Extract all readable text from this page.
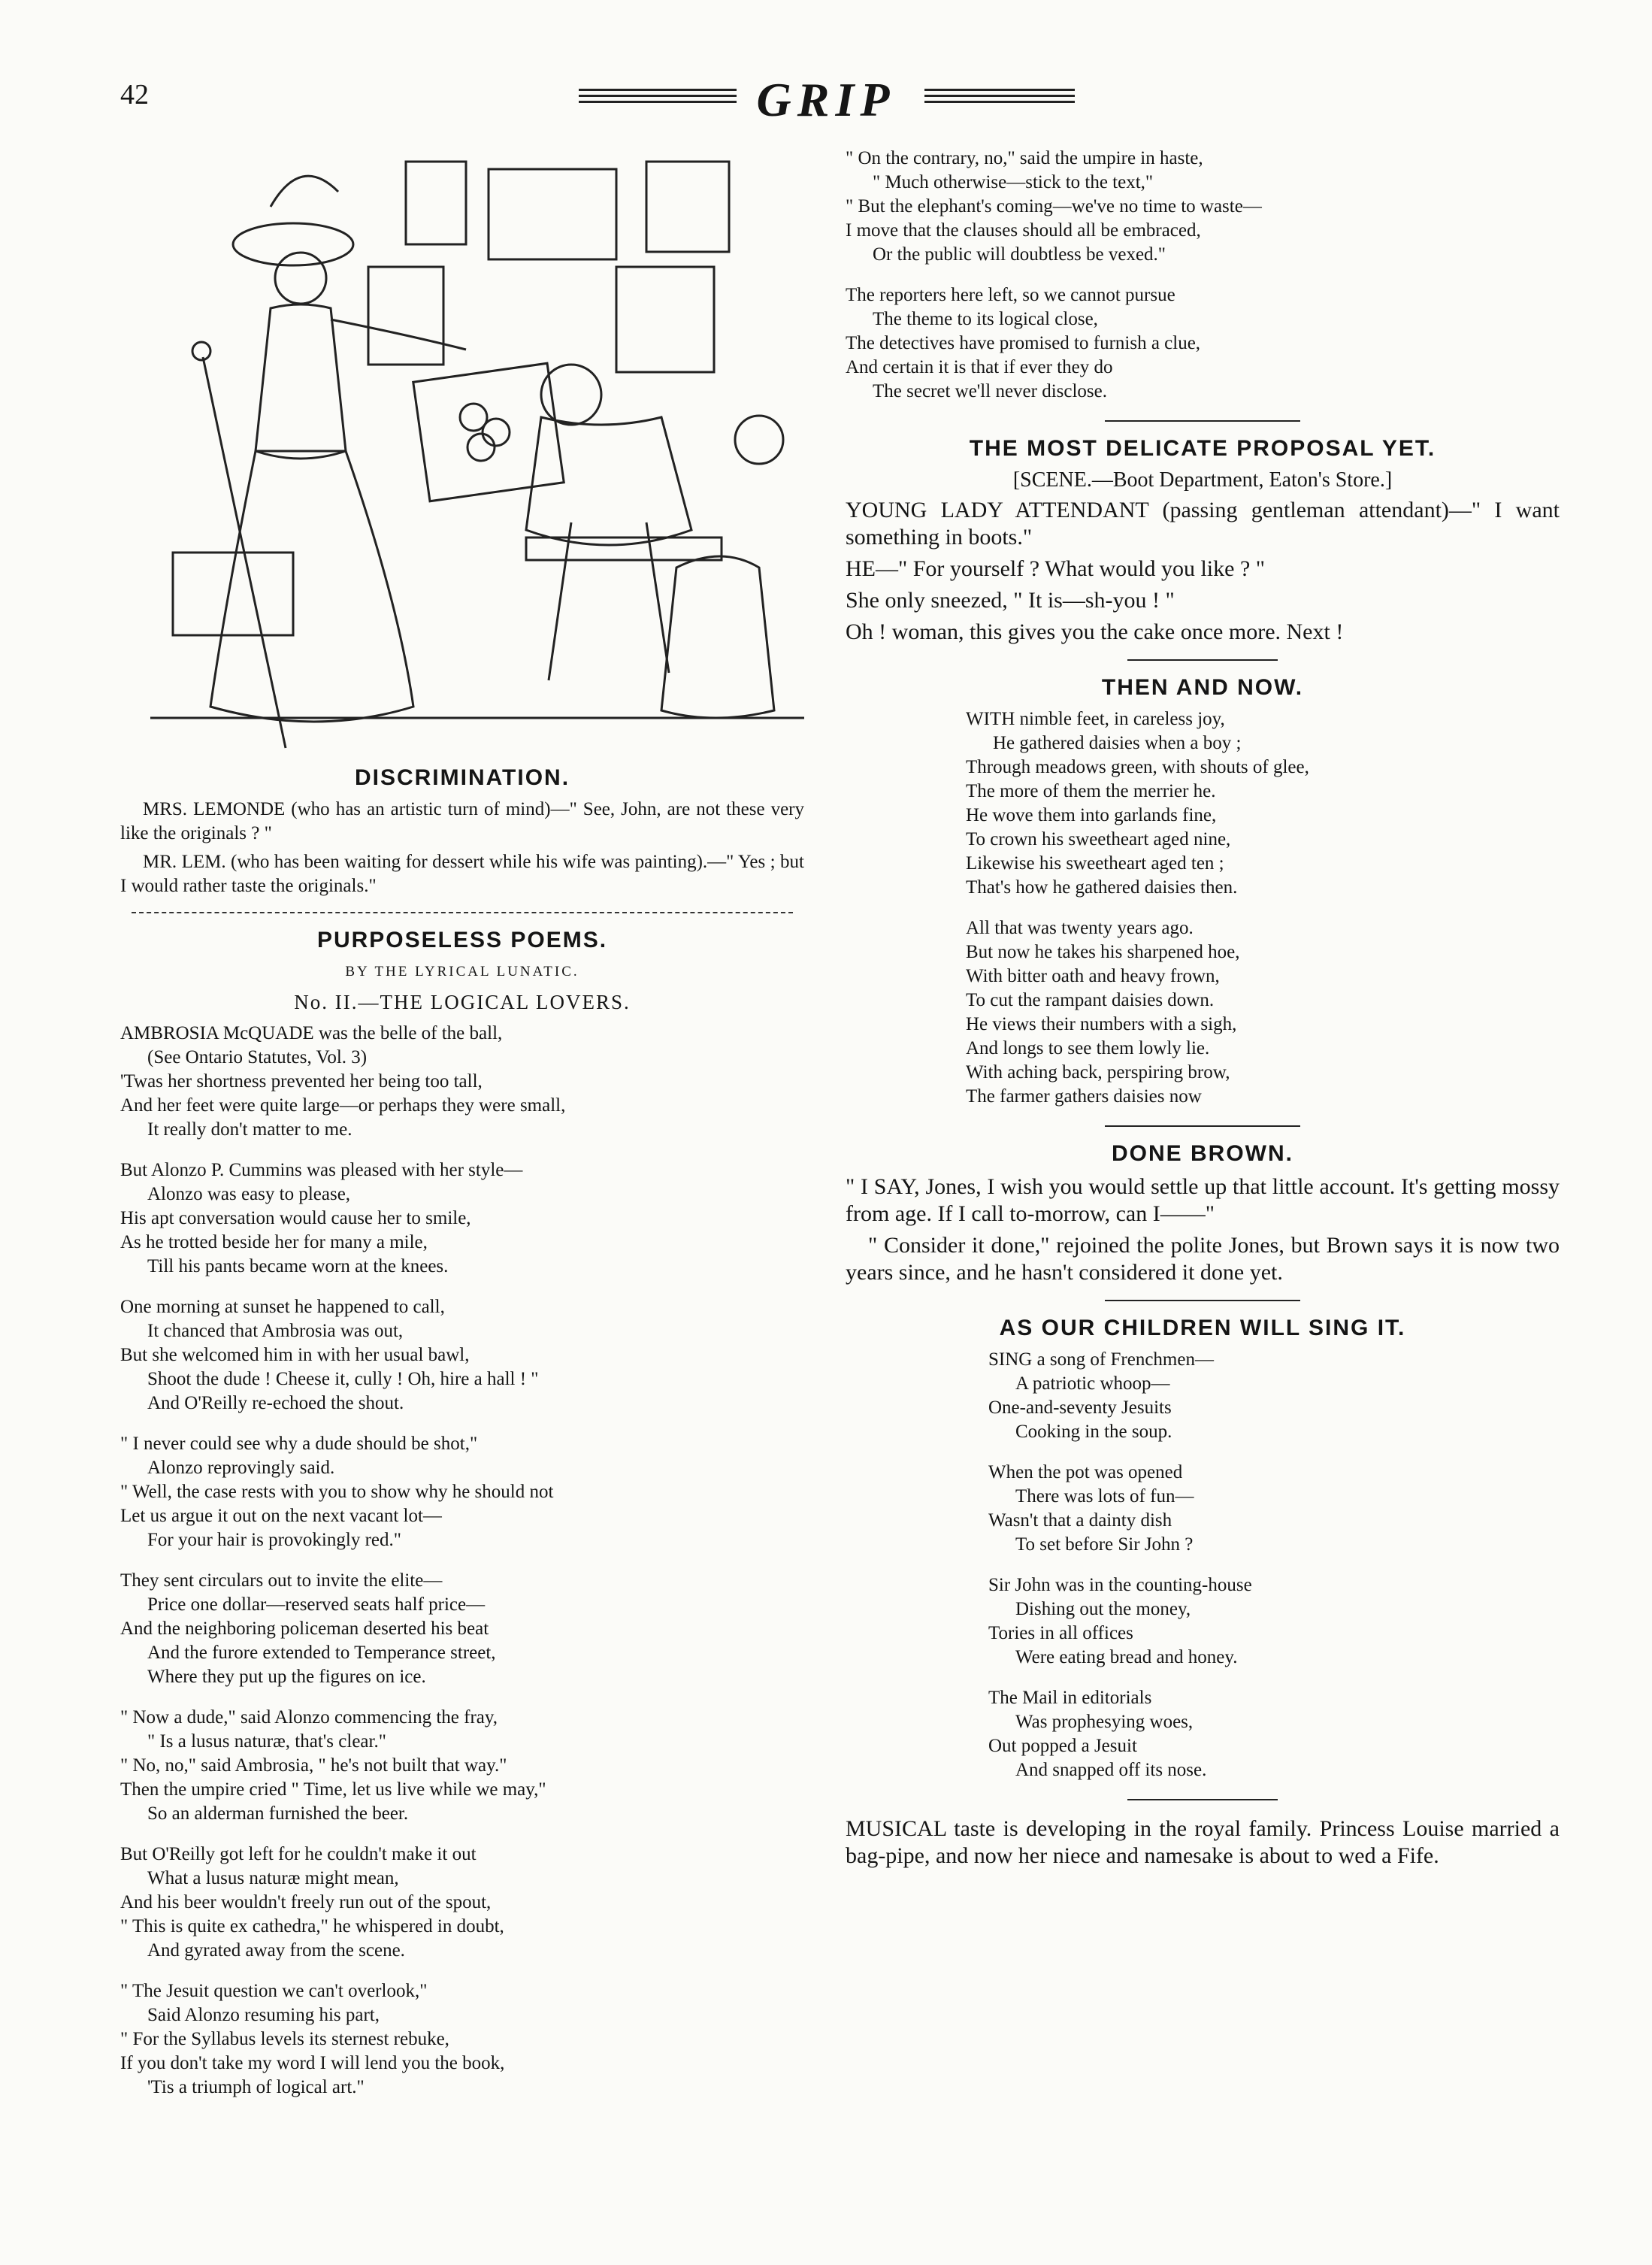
42	GRIP
DISCRIMINATION.

MRS. LEMONDE (who has an artistic turn of mind)—" See, John, are not these very like the originals ? "

MR. LEM. (who has been waiting for dessert while his wife was painting).—" Yes ; but I would rather taste the originals."

PURPOSELESS POEMS.
BY THE LYRICAL LUNATIC.
No. II.—THE LOGICAL LOVERS.
AMBROSIA McQUADE was the belle of the ball,
(See Ontario Statutes, Vol. 3)
'Twas her shortness prevented her being too tall,
And her feet were quite large—or perhaps they were small,
It really don't matter to me.
But Alonzo P. Cummins was pleased with her style—
Alonzo was easy to please,
His apt conversation would cause her to smile,
As he trotted beside her for many a mile,
Till his pants became worn at the knees.
One morning at sunset he happened to call,
It chanced that Ambrosia was out,
But she welcomed him in with her usual bawl,
Shoot the dude ! Cheese it, cully ! Oh, hire a hall ! "
And O'Reilly re-echoed the shout.
" I never could see why a dude should be shot,"
Alonzo reprovingly said.
" Well, the case rests with you to show why he should not
Let us argue it out on the next vacant lot—
For your hair is provokingly red."
They sent circulars out to invite the elite—
Price one dollar—reserved seats half price—
And the neighboring policeman deserted his beat
And the furore extended to Temperance street,
Where they put up the figures on ice.
" Now a dude," said Alonzo commencing the fray,
" Is a lusus naturæ, that's clear."
" No, no," said Ambrosia, " he's not built that way."
Then the umpire cried " Time, let us live while we may,"
So an alderman furnished the beer.
But O'Reilly got left for he couldn't make it out
What a lusus naturæ might mean,
And his beer wouldn't freely run out of the spout,
" This is quite ex cathedra," he whispered in doubt,
And gyrated away from the scene.
" The Jesuit question we can't overlook,"
Said Alonzo resuming his part,
" For the Syllabus levels its sternest rebuke,
If you don't take my word I will lend you the book,
'Tis a triumph of logical art."
" On the contrary, no," said the umpire in haste,
" Much otherwise—stick to the text,"
" But the elephant's coming—we've no time to waste—
I move that the clauses should all be embraced,
Or the public will doubtless be vexed."
The reporters here left, so we cannot pursue
The theme to its logical close,
The detectives have promised to furnish a clue,
And certain it is that if ever they do
The secret we'll never disclose.
THE MOST DELICATE PROPOSAL YET.
[SCENE.—Boot Department, Eaton's Store.]

YOUNG LADY ATTENDANT (passing gentleman attendant)—" I want something in boots."

HE—" For yourself ? What would you like ? "

She only sneezed, " It is—sh-you ! "

Oh ! woman, this gives you the cake once more. Next !

THEN AND NOW.
WITH nimble feet, in careless joy,
He gathered daisies when a boy ;
Through meadows green, with shouts of glee,
The more of them the merrier he.
He wove them into garlands fine,
To crown his sweetheart aged nine,
Likewise his sweetheart aged ten ;
That's how he gathered daisies then.
All that was twenty years ago.
But now he takes his sharpened hoe,
With bitter oath and heavy frown,
To cut the rampant daisies down.
He views their numbers with a sigh,
And longs to see them lowly lie.
With aching back, perspiring brow,
The farmer gathers daisies now
DONE BROWN.

" I SAY, Jones, I wish you would settle up that little account. It's getting mossy from age. If I call to-morrow, can I——"

" Consider it done," rejoined the polite Jones, but Brown says it is now two years since, and he hasn't considered it done yet.

AS OUR CHILDREN WILL SING IT.
SING a song of Frenchmen—
A patriotic whoop—
One-and-seventy Jesuits
Cooking in the soup.
When the pot was opened
There was lots of fun—
Wasn't that a dainty dish
To set before Sir John ?
Sir John was in the counting-house
Dishing out the money,
Tories in all offices
Were eating bread and honey.
The Mail in editorials
Was prophesying woes,
Out popped a Jesuit
And snapped off its nose.

MUSICAL taste is developing in the royal family. Princess Louise married a bag-pipe, and now her niece and namesake is about to wed a Fife.
